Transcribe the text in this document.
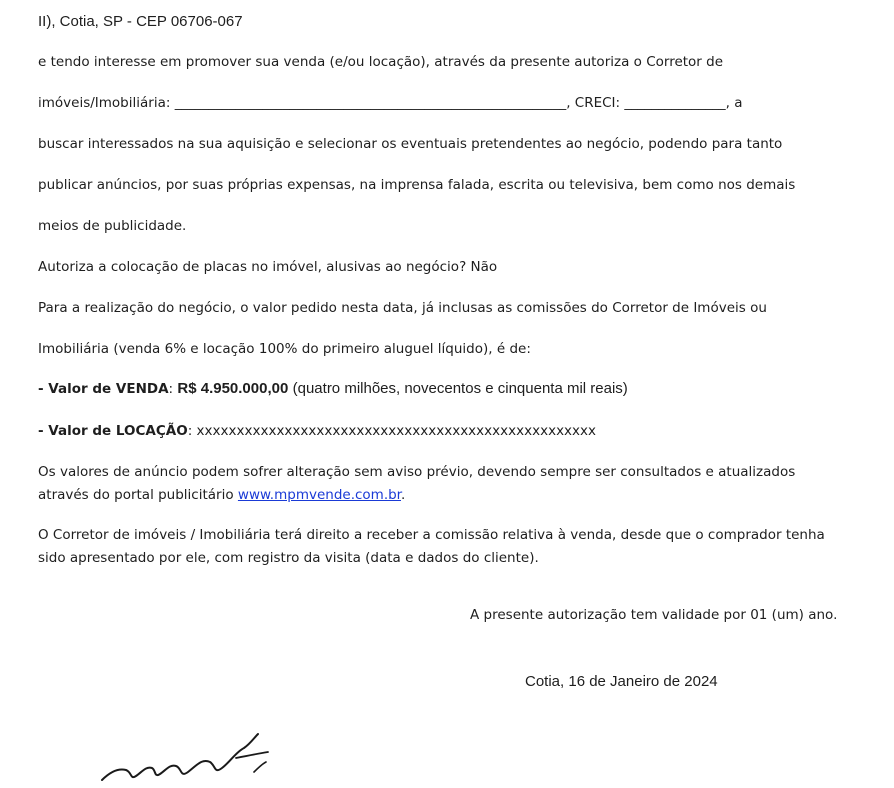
II), Cotia, SP - CEP 06706-067
e tendo interesse em promover sua venda (e/ou locação), através da presente autoriza o Corretor de
imóveis/Imobiliária: __________________________________________________________, CRECI: _______________, a
buscar interessados na sua aquisição e selecionar os eventuais pretendentes ao negócio, podendo para tanto
publicar anúncios, por suas próprias expensas, na imprensa falada, escrita ou televisiva, bem como nos demais
meios de publicidade.
Autoriza a colocação de placas no imóvel, alusivas ao negócio? Não
Para a realização do negócio, o valor pedido nesta data, já inclusas as comissões do Corretor de Imóveis ou
Imobiliária (venda 6% e locação 100% do primeiro aluguel líquido), é de:
- Valor de VENDA: R$ 4.950.000,00 (quatro milhões, novecentos e cinquenta mil reais)
- Valor de LOCAÇÃO: xxxxxxxxxxxxxxxxxxxxxxxxxxxxxxxxxxxxxxxxxxxxxxxxxx
Os valores de anúncio podem sofrer alteração sem aviso prévio, devendo sempre ser consultados e atualizados através do portal publicitário www.mpmvende.com.br.
O Corretor de imóveis / Imobiliária terá direito a receber a comissão relativa à venda, desde que o comprador tenha sido apresentado por ele, com registro da visita (data e dados do cliente).
A presente autorização tem validade por 01 (um) ano.
Cotia, 16 de Janeiro de 2024
